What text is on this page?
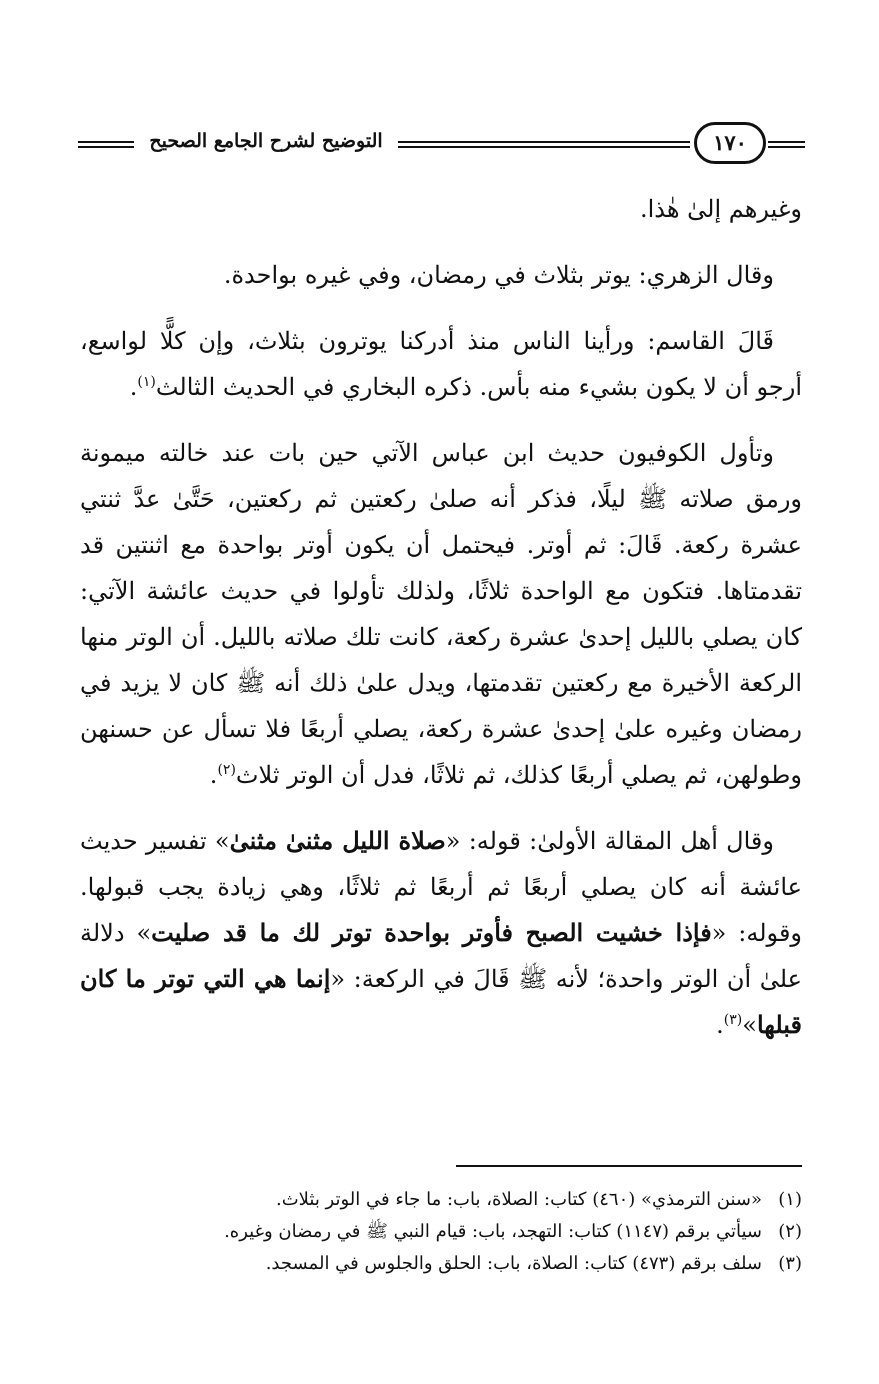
١٧٠
التوضيح لشرح الجامع الصحيح

وغيرهم إلىٰ هٰذا.

وقال الزهري: يوتر بثلاث في رمضان، وفي غيره بواحدة.

قَالَ القاسم: ورأينا الناس منذ أدركنا يوترون بثلاث، وإن كلًّا لواسع، أرجو أن لا يكون بشيء منه بأس. ذكره البخاري في الحديث الثالث$^{(١)}$.

وتأول الكوفيون حديث ابن عباس الآتي حين بات عند خالته ميمونة ورمق صلاته ﷺ ليلًا، فذكر أنه صلىٰ ركعتين ثم ركعتين، حَتَّىٰ عدَّ ثنتي عشرة ركعة. قَالَ: ثم أوتر. فيحتمل أن يكون أوتر بواحدة مع اثنتين قد تقدمتاها. فتكون مع الواحدة ثلاثًا، ولذلك تأولوا في حديث عائشة الآتي: كان يصلي بالليل إحدىٰ عشرة ركعة، كانت تلك صلاته بالليل. أن الوتر منها الركعة الأخيرة مع ركعتين تقدمتها، ويدل علىٰ ذلك أنه ﷺ كان لا يزيد في رمضان وغيره علىٰ إحدىٰ عشرة ركعة، يصلي أربعًا فلا تسأل عن حسنهن وطولهن، ثم يصلي أربعًا كذلك، ثم ثلاثًا، فدل أن الوتر ثلاث$^{(٢)}$.

وقال أهل المقالة الأولىٰ: قوله: «صلاة الليل مثنىٰ مثنىٰ» تفسير حديث عائشة أنه كان يصلي أربعًا ثم أربعًا ثم ثلاثًا، وهي زيادة يجب قبولها. وقوله: «فإذا خشيت الصبح فأوتر بواحدة توتر لك ما قد صليت» دلالة علىٰ أن الوتر واحدة؛ لأنه ﷺ قَالَ في الركعة: «إنما هي التي توتر ما كان قبلها»$^{(٣)}$.

(١)«سنن الترمذي» (٤٦٠) كتاب: الصلاة، باب: ما جاء في الوتر بثلاث.
(٢)سيأتي برقم (١١٤٧) كتاب: التهجد، باب: قيام النبي ﷺ في رمضان وغيره.
(٣)سلف برقم (٤٧٣) كتاب: الصلاة، باب: الحلق والجلوس في المسجد.
